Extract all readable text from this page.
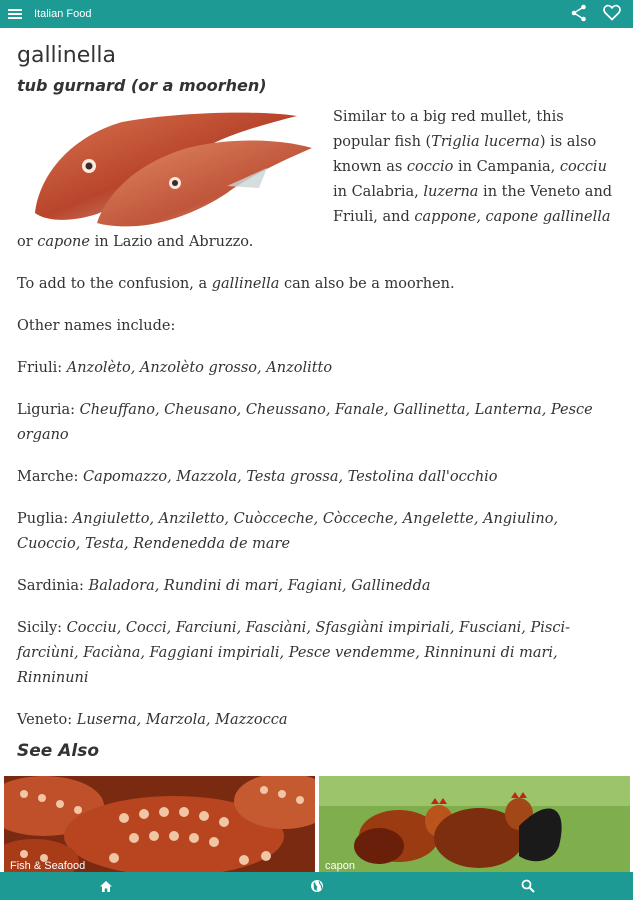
Italian Food
gallinella
tub gurnard (or a moorhen)

Similar to a big red mullet, this popular fish (Triglia lucerna) is also known as coccio in Campania, cocciu in Calabria, luzerna in the Veneto and Friuli, and cappone, capone gallinella or capone in Lazio and Abruzzo.

To add to the confusion, a gallinella can also be a moorhen.

Other names include:

Friuli: Anzolèto, Anzolèto grosso, Anzolitto

Liguria: Cheuffano, Cheusano, Cheussano, Fanale, Gallinetta, Lanterna, Pesce organo

Marche: Capomazzo, Mazzola, Testa grossa, Testolina dall'occhio

Puglia: Angiuletto, Anziletto, Cuòcceche, Còcceche, Angelette, Angiulino, Cuoccio, Testa, Rendenedda de mare

Sardinia: Baladora, Rundini di mari, Fagiani, Gallinedda

Sicily: Cocciu, Cocci, Farciuni, Fasciàni, Sfasgiàni impiriali, Fusciani, Pisci-farciùni, Faciàna, Faggiani impiriali, Pesce vendemme, Rinninuni di mari, Rinninuni

Veneto: Luserna, Marzola, Mazzocca

See Also
Fish & Seafood	capon
